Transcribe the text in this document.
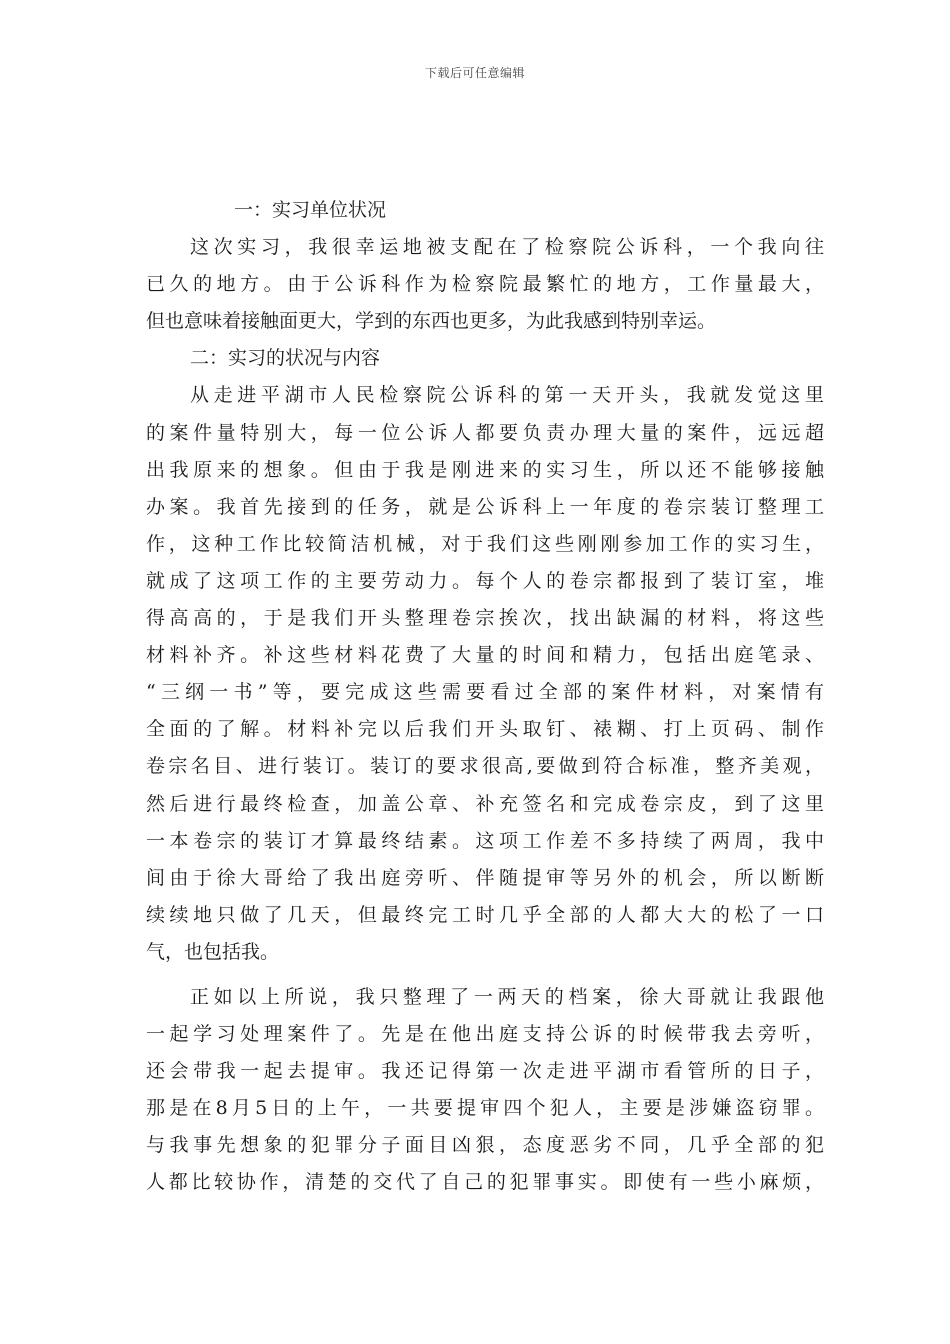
下载后可任意编辑
一：实习单位状况
这次实习，我很幸运地被支配在了检察院公诉科，一个我向往
已久的地方。由于公诉科作为检察院最繁忙的地方，工作量最大，
但也意味着接触面更大，学到的东西也更多，为此我感到特别幸运。
二：实习的状况与内容
从走进平湖市人民检察院公诉科的第一天开头，我就发觉这里
的案件量特别大，每一位公诉人都要负责办理大量的案件，远远超
出我原来的想象。但由于我是刚进来的实习生，所以还不能够接触
办案。我首先接到的任务，就是公诉科上一年度的卷宗装订整理工
作，这种工作比较简洁机械，对于我们这些刚刚参加工作的实习生，
就成了这项工作的主要劳动力。每个人的卷宗都报到了装订室，堆
得高高的，于是我们开头整理卷宗挨次，找出缺漏的材料，将这些
材料补齐。补这些材料花费了大量的时间和精力，包括出庭笔录、
“三纲一书”等，要完成这些需要看过全部的案件材料，对案情有
全面的了解。材料补完以后我们开头取钉、裱糊、打上页码、制作
卷宗名目、进行装订。装订的要求很高,要做到符合标准，整齐美观，
然后进行最终检查，加盖公章、补充签名和完成卷宗皮，到了这里
一本卷宗的装订才算最终结素。这项工作差不多持续了两周，我中
间由于徐大哥给了我出庭旁听、伴随提审等另外的机会，所以断断
续续地只做了几天，但最终完工时几乎全部的人都大大的松了一口
气，也包括我。
正如以上所说，我只整理了一两天的档案，徐大哥就让我跟他
一起学习处理案件了。先是在他出庭支持公诉的时候带我去旁听，
还会带我一起去提审。我还记得第一次走进平湖市看管所的日子，
那是在8月5日的上午，一共要提审四个犯人，主要是涉嫌盗窃罪。
与我事先想象的犯罪分子面目凶狠，态度恶劣不同，几乎全部的犯
人都比较协作，清楚的交代了自己的犯罪事实。即使有一些小麻烦，
